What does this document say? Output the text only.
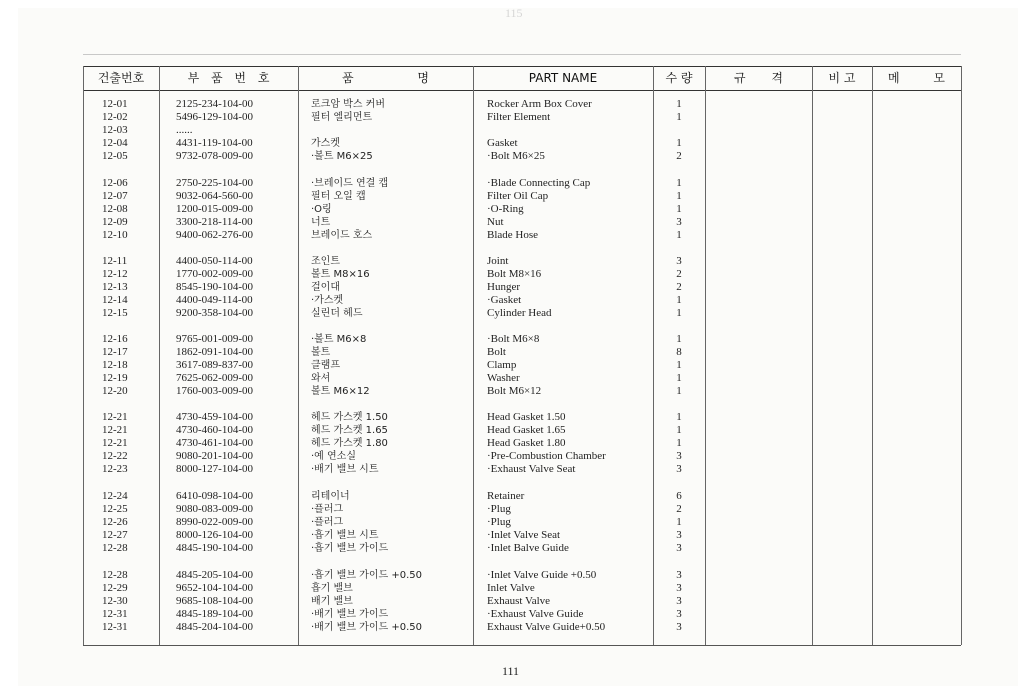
115
건출번호	부 품 번 호	품 명	PART NAME	수 량	규 격	비 고	메 모
12-01	2125-234-104-00	로크암 박스 커버	Rocker Arm Box Cover	1
12-02	5496-129-104-00	필터 엘리먼트	Filter Element	1
12-03	......
12-04	4431-119-104-00	가스켓	Gasket	1
12-05	9732-078-009-00	·볼트 M6×25	·Bolt M6×25	2
12-06	2750-225-104-00	·브레이드 연결 캡	·Blade Connecting Cap	1
12-07	9032-064-560-00	필터 오일 캡	Filter Oil Cap	1
12-08	1200-015-009-00	·O링	·O-Ring	1
12-09	3300-218-114-00	너트	Nut	3
12-10	9400-062-276-00	브레이드 호스	Blade Hose	1
12-11	4400-050-114-00	조인트	Joint	3
12-12	1770-002-009-00	볼트 M8×16	Bolt M8×16	2
12-13	8545-190-104-00	걸이대	Hunger	2
12-14	4400-049-114-00	·가스켓	·Gasket	1
12-15	9200-358-104-00	실린더 헤드	Cylinder Head	1
12-16	9765-001-009-00	·볼트 M6×8	·Bolt M6×8	1
12-17	1862-091-104-00	볼트	Bolt	8
12-18	3617-089-837-00	클램프	Clamp	1
12-19	7625-062-009-00	와셔	Washer	1
12-20	1760-003-009-00	볼트 M6×12	Bolt M6×12	1
12-21	4730-459-104-00	헤드 가스켓 1.50	Head Gasket 1.50	1
12-21	4730-460-104-00	헤드 가스켓 1.65	Head Gasket 1.65	1
12-21	4730-461-104-00	헤드 가스켓 1.80	Head Gasket 1.80	1
12-22	9080-201-104-00	·예 연소실	·Pre-Combustion Chamber	3
12-23	8000-127-104-00	·배기 밸브 시트	·Exhaust Valve Seat	3
12-24	6410-098-104-00	리테이너	Retainer	6
12-25	9080-083-009-00	·플러그	·Plug	2
12-26	8990-022-009-00	·플러그	·Plug	1
12-27	8000-126-104-00	·흡기 밸브 시트	·Inlet Valve Seat	3
12-28	4845-190-104-00	·흡기 밸브 가이드	·Inlet Balve Guide	3
12-28	4845-205-104-00	·흡기 밸브 가이드 +0.50	·Inlet Valve Guide +0.50	3
12-29	9652-104-104-00	흡기 밸브	Inlet Valve	3
12-30	9685-108-104-00	배기 밸브	Exhaust Valve	3
12-31	4845-189-104-00	·배기 밸브 가이드	·Exhaust Valve Guide	3
12-31	4845-204-104-00	·배기 밸브 가이드 +0.50	Exhaust Valve Guide+0.50	3
111
